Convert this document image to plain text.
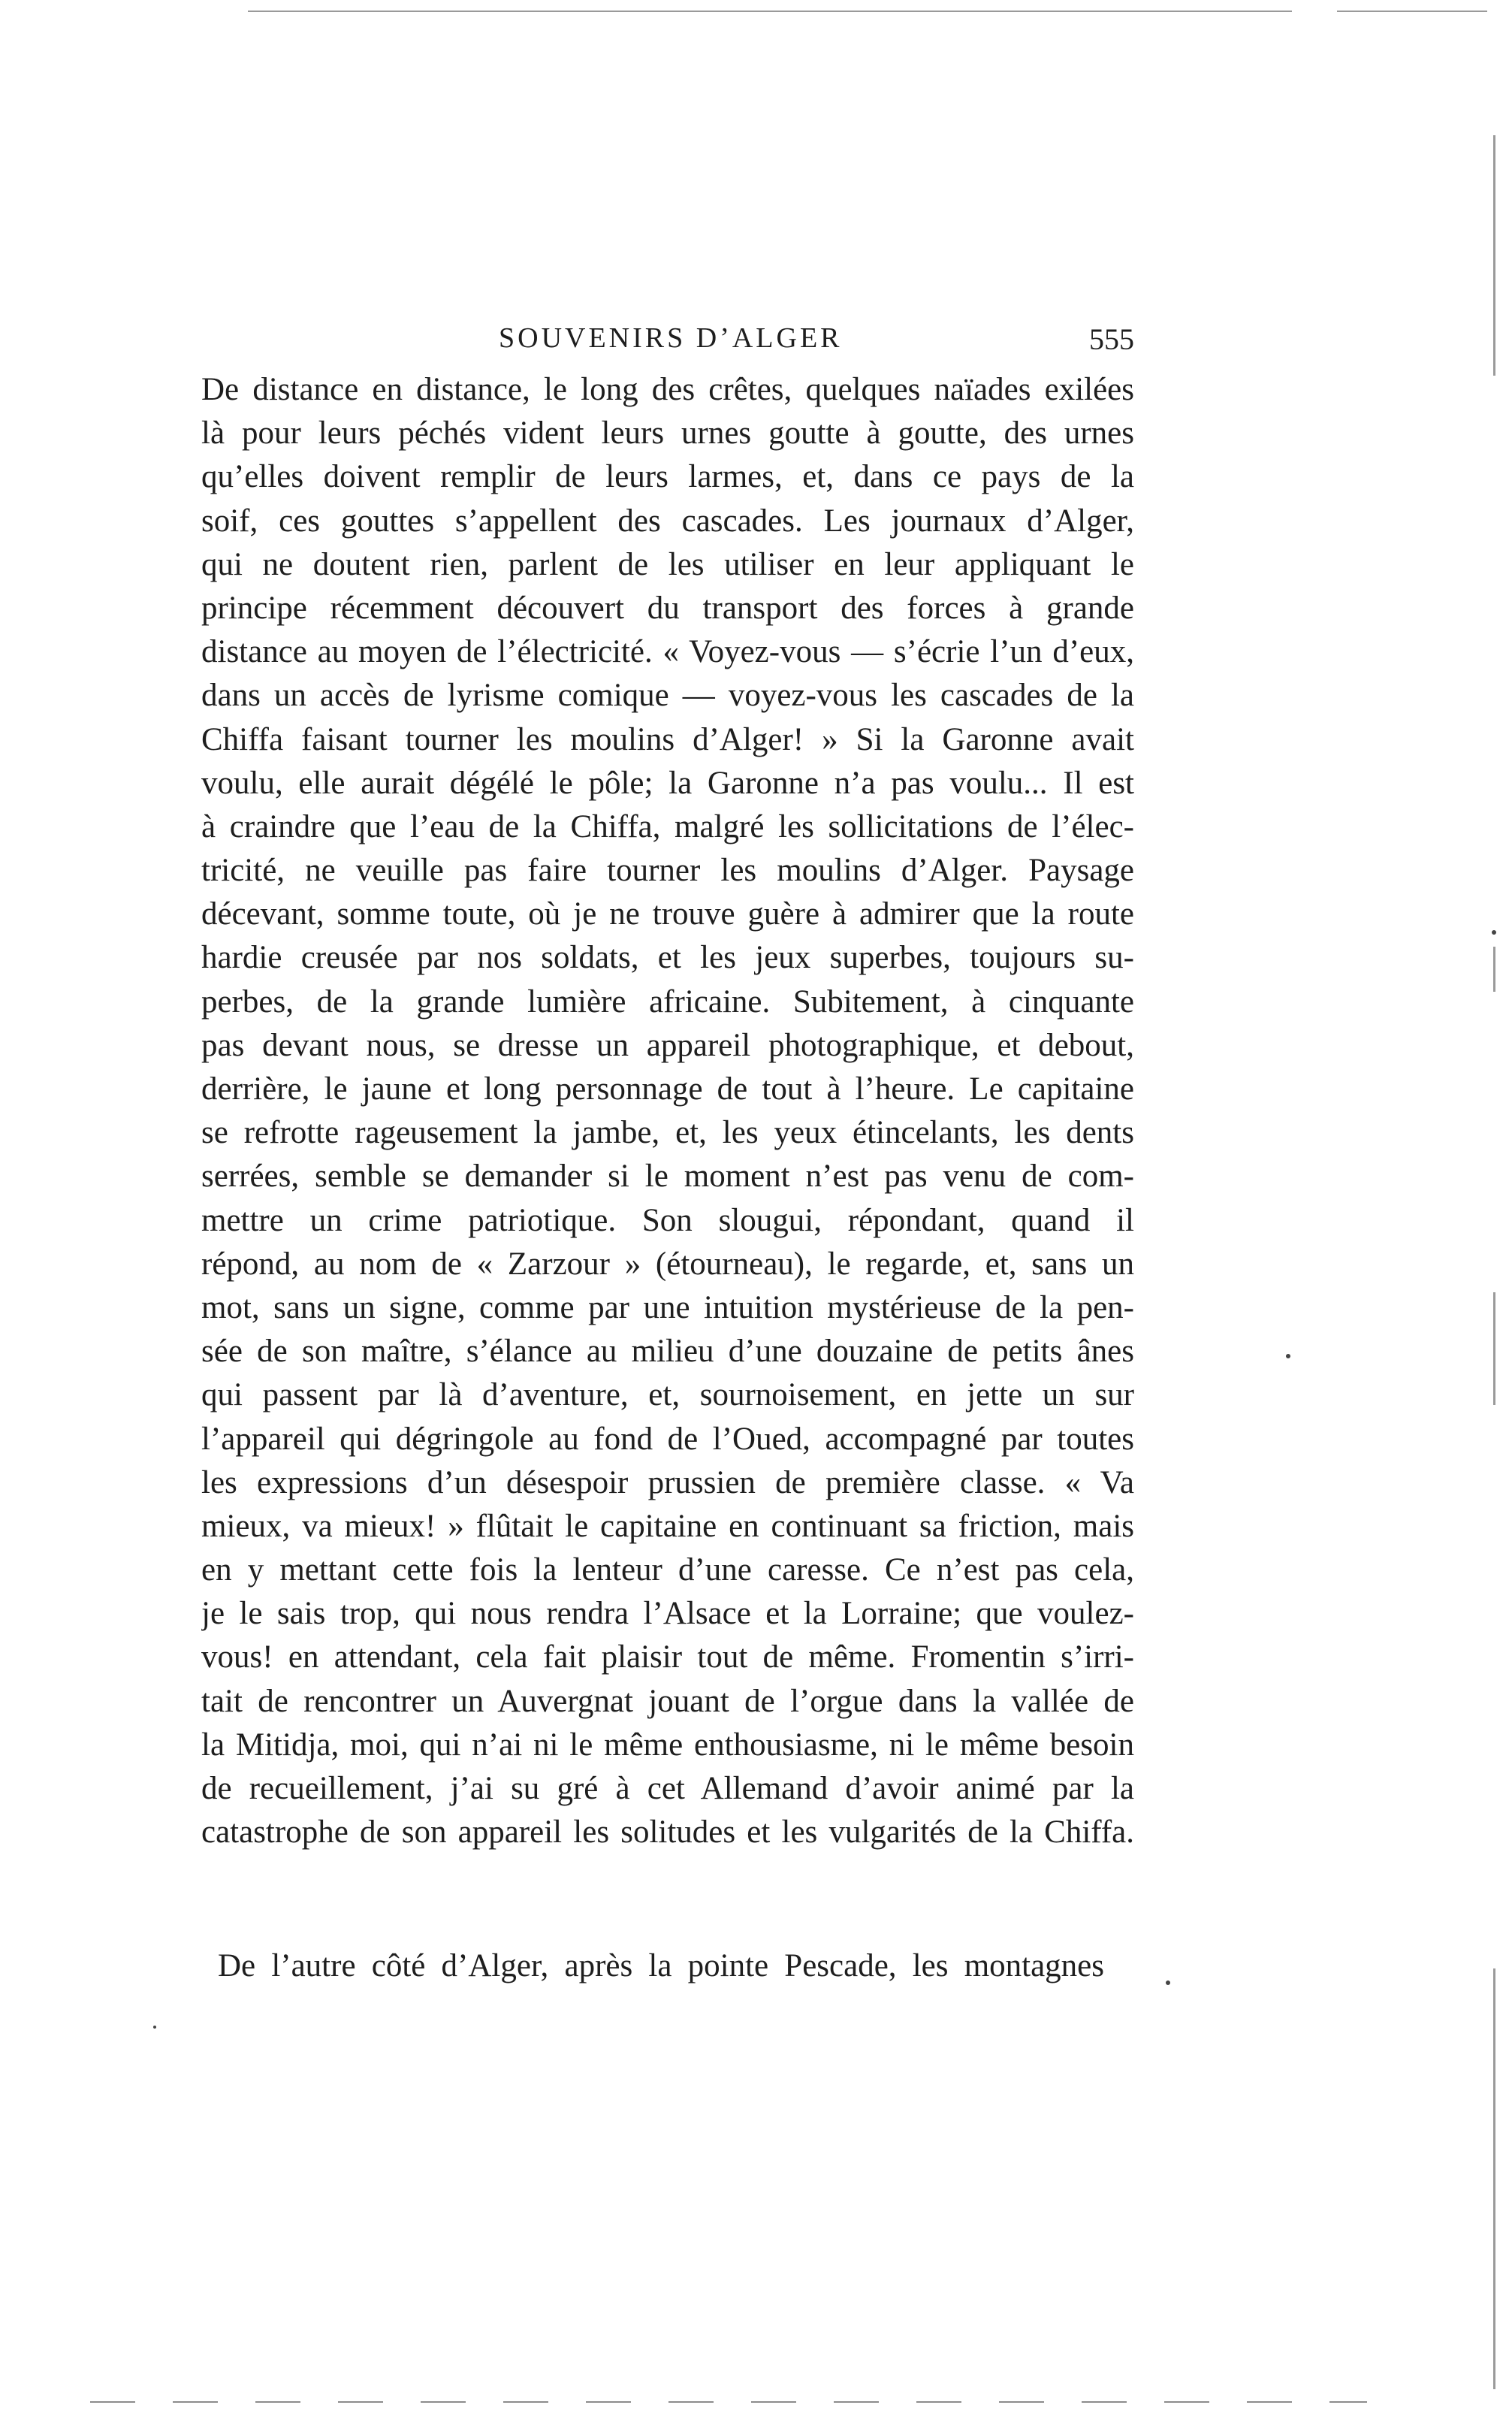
SOUVENIRS D’ALGER	555
De distance en distance, le long des crêtes, quelques naïades exilées
là pour leurs péchés vident leurs urnes goutte à goutte, des urnes
qu’elles doivent remplir de leurs larmes, et, dans ce pays de la
soif, ces gouttes s’appellent des cascades. Les journaux d’Alger,
qui ne doutent rien, parlent de les utiliser en leur appliquant le
principe récemment découvert du transport des forces à grande
distance au moyen de l’électricité. « Voyez-vous — s’écrie l’un d’eux,
dans un accès de lyrisme comique — voyez-vous les cascades de la
Chiffa faisant tourner les moulins d’Alger! » Si la Garonne avait
voulu, elle aurait dégélé le pôle; la Garonne n’a pas voulu... Il est
à craindre que l’eau de la Chiffa, malgré les sollicitations de l’élec-
tricité, ne veuille pas faire tourner les moulins d’Alger. Paysage
décevant, somme toute, où je ne trouve guère à admirer que la route
hardie creusée par nos soldats, et les jeux superbes, toujours su-
perbes, de la grande lumière africaine. Subitement, à cinquante
pas devant nous, se dresse un appareil photographique, et debout,
derrière, le jaune et long personnage de tout à l’heure. Le capitaine
se refrotte rageusement la jambe, et, les yeux étincelants, les dents
serrées, semble se demander si le moment n’est pas venu de com-
mettre un crime patriotique. Son slougui, répondant, quand il
répond, au nom de « Zarzour » (étourneau), le regarde, et, sans un
mot, sans un signe, comme par une intuition mystérieuse de la pen-
sée de son maître, s’élance au milieu d’une douzaine de petits ânes
qui passent par là d’aventure, et, sournoisement, en jette un sur
l’appareil qui dégringole au fond de l’Oued, accompagné par toutes
les expressions d’un désespoir prussien de première classe. « Va
mieux, va mieux! » flûtait le capitaine en continuant sa friction, mais
en y mettant cette fois la lenteur d’une caresse. Ce n’est pas cela,
je le sais trop, qui nous rendra l’Alsace et la Lorraine; que voulez-
vous! en attendant, cela fait plaisir tout de même. Fromentin s’irri-
tait de rencontrer un Auvergnat jouant de l’orgue dans la vallée de
la Mitidja, moi, qui n’ai ni le même enthousiasme, ni le même besoin
de recueillement, j’ai su gré à cet Allemand d’avoir animé par la
catastrophe de son appareil les solitudes et les vulgarités de la Chiffa.
De l’autre côté d’Alger, après la pointe Pescade, les montagnes
